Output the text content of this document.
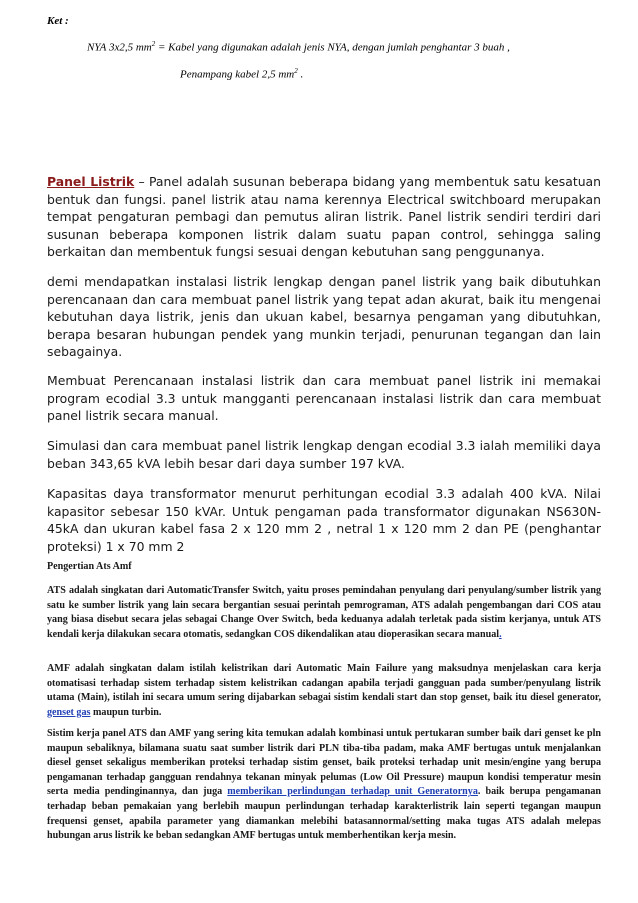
Ket :
NYA 3x2,5 $mm^2$ = Kabel yang digunakan adalah jenis NYA, dengan jumlah penghantar 3 buah ,
Penampang kabel 2,5 $mm^2$ .

Panel Listrik – Panel adalah susunan beberapa bidang yang membentuk satu kesatuan bentuk dan fungsi. panel listrik atau nama kerennya Electrical switchboard merupakan tempat pengaturan pembagi dan pemutus aliran listrik. Panel listrik sendiri terdiri dari susunan beberapa komponen listrik dalam suatu papan control, sehingga saling berkaitan dan membentuk fungsi sesuai dengan kebutuhan sang penggunanya.

demi mendapatkan instalasi listrik lengkap dengan panel listrik yang baik dibutuhkan perencanaan dan cara membuat panel listrik yang tepat adan akurat, baik itu mengenai kebutuhan daya listrik, jenis dan ukuan kabel, besarnya pengaman yang dibutuhkan, berapa besaran hubungan pendek yang munkin terjadi, penurunan tegangan dan lain sebagainya.

Membuat Perencanaan instalasi listrik dan cara membuat panel listrik ini memakai program ecodial 3.3 untuk mangganti perencanaan instalasi listrik dan cara membuat panel listrik secara manual.

Simulasi dan cara membuat panel listrik lengkap dengan ecodial 3.3 ialah memiliki daya beban 343,65 kVA lebih besar dari daya sumber 197 kVA.

Kapasitas daya transformator menurut perhitungan ecodial 3.3 adalah 400 kVA. Nilai kapasitor sebesar 150 kVAr. Untuk pengaman pada transformator digunakan NS630N-45kA dan ukuran kabel fasa 2 x 120 mm 2 , netral 1 x 120 mm 2 dan PE (penghantar proteksi) 1 x 70 mm 2

Pengertian Ats Amf

ATS adalah singkatan dari AutomaticTransfer Switch, yaitu proses pemindahan penyulang dari penyulang/sumber listrik yang satu ke sumber listrik yang lain secara bergantian sesuai perintah pemrograman, ATS adalah pengembangan dari COS atau yang biasa disebut secara jelas sebagai Change Over Switch, beda keduanya adalah terletak pada sistim kerjanya, untuk ATS kendali kerja dilakukan secara otomatis, sedangkan COS dikendalikan atau dioperasikan secara manual.

AMF adalah singkatan dalam istilah kelistrikan dari Automatic Main Failure yang maksudnya menjelaskan cara kerja otomatisasi terhadap sistem terhadap sistem kelistrikan cadangan apabila terjadi gangguan pada sumber/penyulang listrik utama (Main), istilah ini secara umum sering dijabarkan sebagai sistim kendali start dan stop genset, baik itu diesel generator, genset gas maupun turbin.

Sistim kerja panel ATS dan AMF yang sering kita temukan adalah kombinasi untuk pertukaran sumber baik dari genset ke pln maupun sebaliknya, bilamana suatu saat sumber listrik dari PLN tiba-tiba padam, maka AMF bertugas untuk menjalankan diesel genset sekaligus memberikan proteksi terhadap sistim genset, baik proteksi terhadap unit mesin/engine yang berupa pengamanan terhadap gangguan rendahnya tekanan minyak pelumas (Low Oil Pressure) maupun kondisi temperatur mesin serta media pendinginannya, dan juga memberikan perlindungan terhadap unit Generatornya. baik berupa pengamanan terhadap beban pemakaian yang berlebih maupun perlindungan terhadap karakterlistrik lain seperti tegangan maupun frequensi genset, apabila parameter yang diamankan melebihi batasannormal/setting maka tugas ATS adalah melepas hubungan arus listrik ke beban sedangkan AMF bertugas untuk memberhentikan kerja mesin.
